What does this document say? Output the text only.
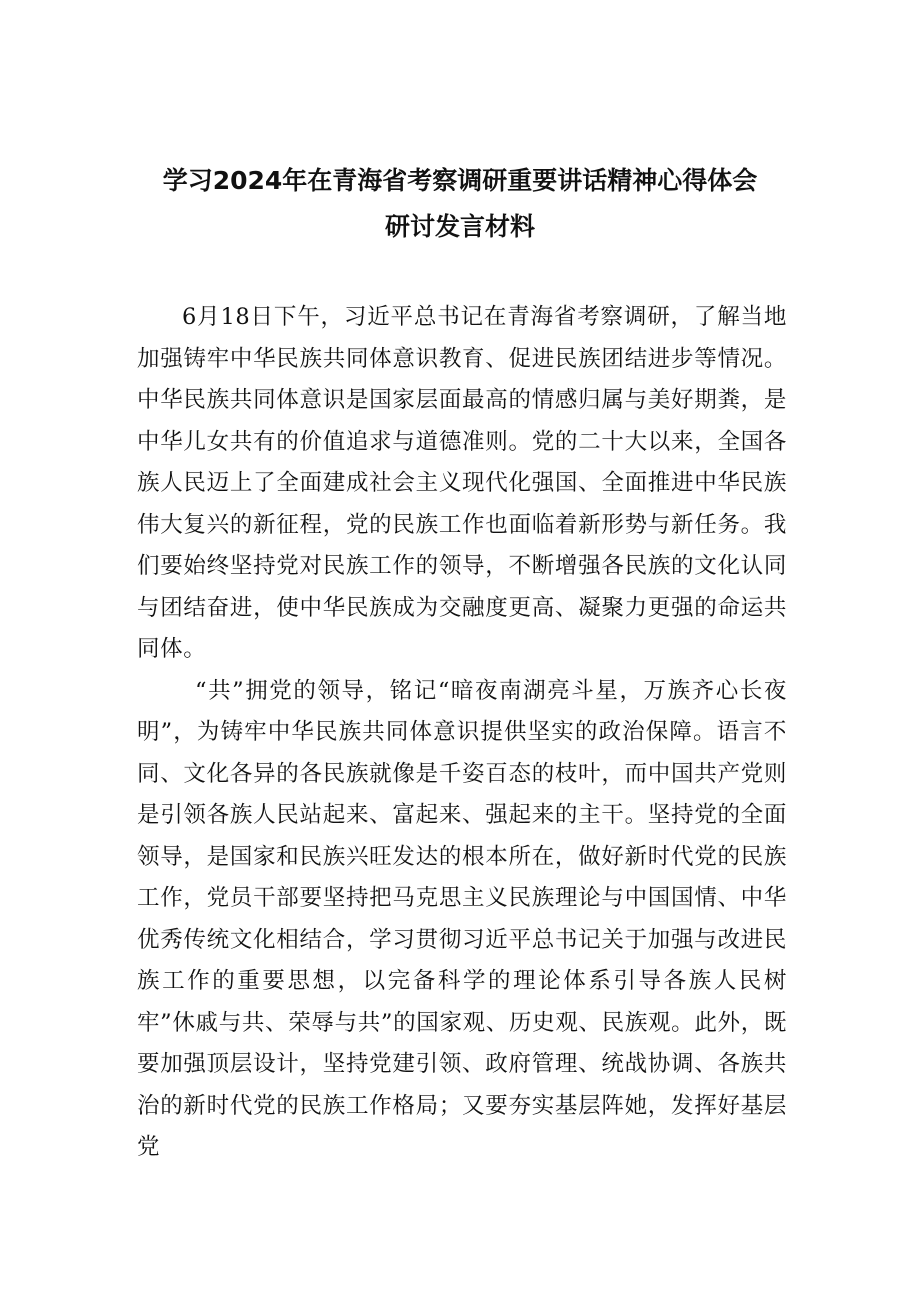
学习2024年在青海省考察调研重要讲话精神心得体会
研讨发言材料

6月18日下午，习近平总书记在青海省考察调研，了解当地加强铸牢中华民族共同体意识教育、促进民族团结进步等情况。中华民族共同体意识是国家层面最高的情感归属与美好期粪，是中华儿女共有的价值追求与道德准则。党的二十大以来，全国各族人民迈上了全面建成社会主义现代化强国、全面推进中华民族伟大复兴的新征程，党的民族工作也面临着新形势与新任务。我们要始终坚持党对民族工作的领导，不断增强各民族的文化认同与团结奋进，使中华民族成为交融度更高、凝聚力更强的命运共同体。

“共”拥党的领导，铭记“暗夜南湖亮斗星，万族齐心长夜明”，为铸牢中华民族共同体意识提供坚实的政治保障。语言不同、文化各异的各民族就像是千姿百态的枝叶，而中国共产党则是引领各族人民站起来、富起来、强起来的主干。坚持党的全面领导，是国家和民族兴旺发达的根本所在，做好新时代党的民族工作，党员干部要坚持把马克思主义民族理论与中国国情、中华优秀传统文化相结合，学习贯彻习近平总书记关于加强与改进民族工作的重要思想，以完备科学的理论体系引导各族人民树牢”休戚与共、荣辱与共”的国家观、历史观、民族观。此外，既要加强顶层设计，坚持党建引领、政府管理、统战协调、各族共治的新时代党的民族工作格局；又要夯实基层阵她，发挥好基层党
